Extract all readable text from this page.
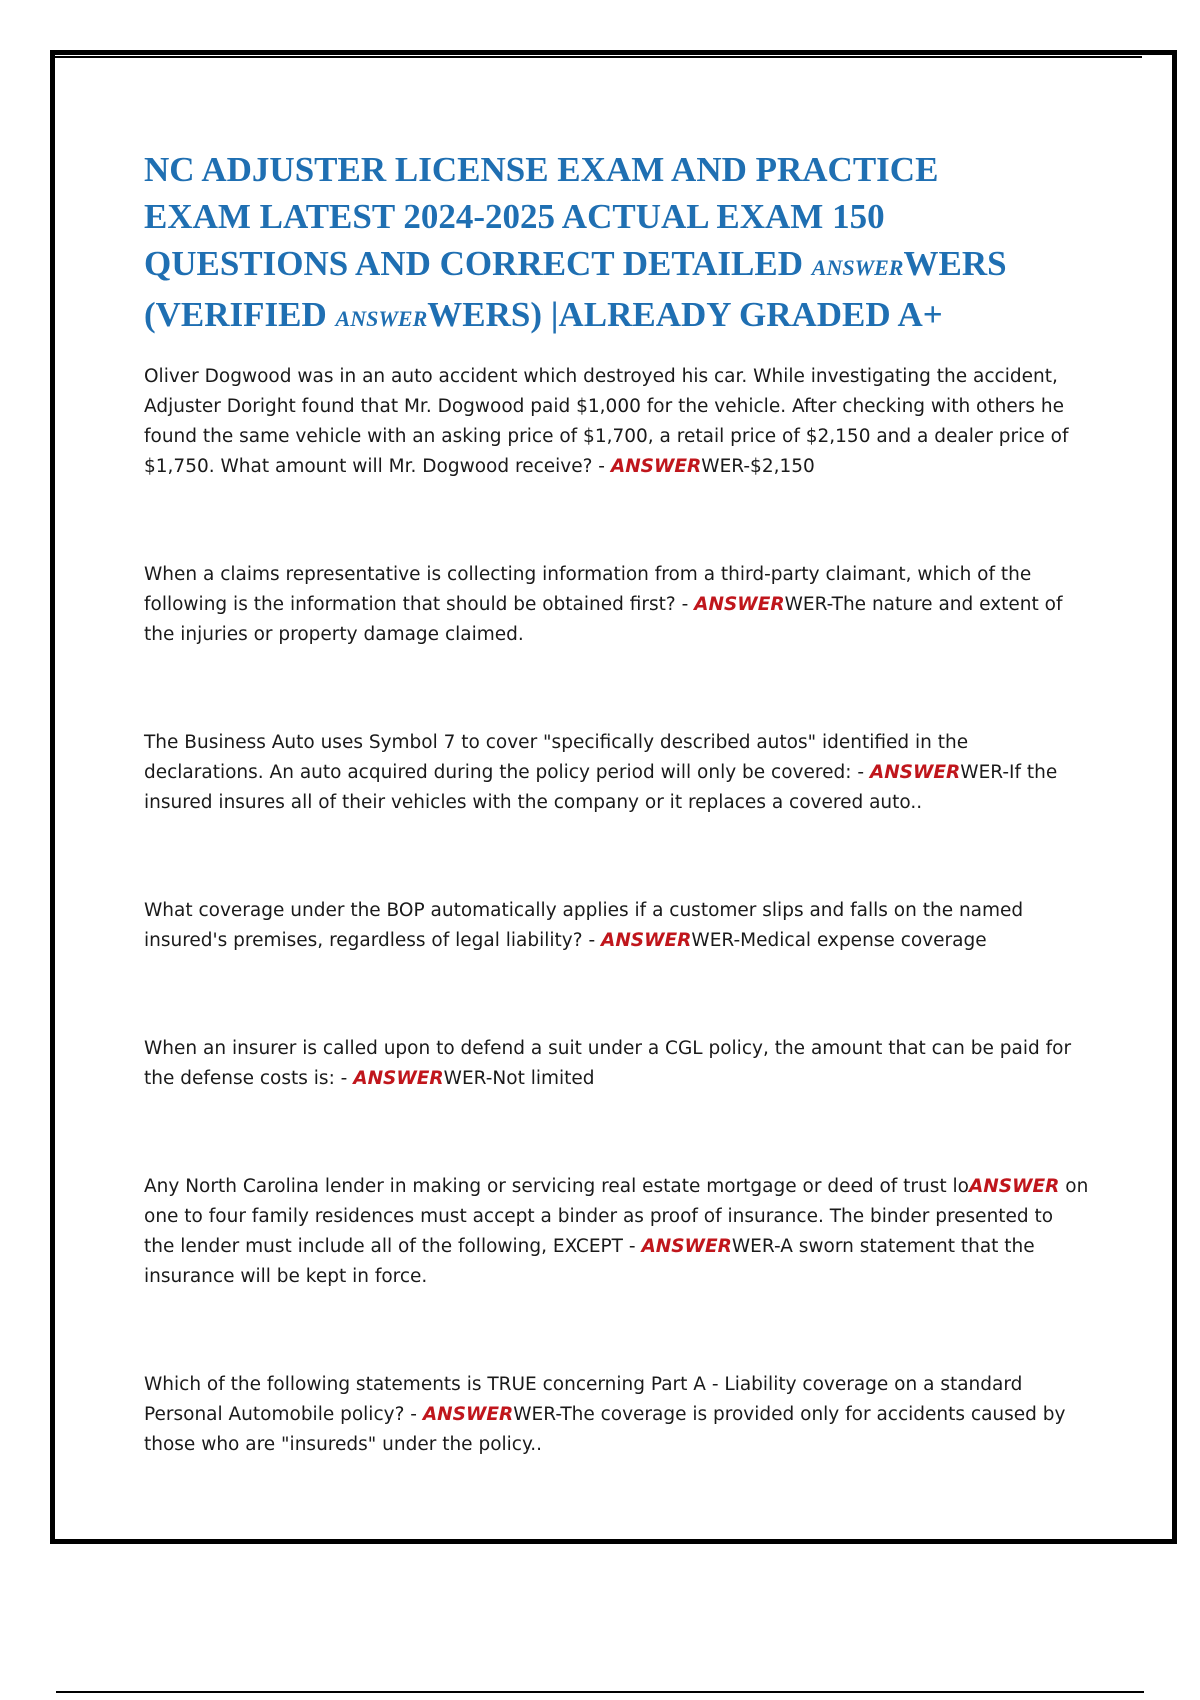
NC ADJUSTER LICENSE EXAM AND PRACTICE
EXAM LATEST 2024-2025 ACTUAL EXAM 150
QUESTIONS AND CORRECT DETAILED ANSWERWERS
(VERIFIED ANSWERWERS) |ALREADY GRADED A+

Oliver Dogwood was in an auto accident which destroyed his car. While investigating the accident, Adjuster Doright found that Mr. Dogwood paid $1,000 for the vehicle. After checking with others he found the same vehicle with an asking price of $1,700, a retail price of $2,150 and a dealer price of $1,750. What amount will Mr. Dogwood receive? - ANSWERWER-$2,150

When a claims representative is collecting information from a third-party claimant, which of the following is the information that should be obtained first? - ANSWERWER-The nature and extent of the injuries or property damage claimed.

The Business Auto uses Symbol 7 to cover "specifically described autos" identified in the declarations. An auto acquired during the policy period will only be covered: - ANSWERWER-If the insured insures all of their vehicles with the company or it replaces a covered auto..

What coverage under the BOP automatically applies if a customer slips and falls on the named insured's premises, regardless of legal liability? - ANSWERWER-Medical expense coverage

When an insurer is called upon to defend a suit under a CGL policy, the amount that can be paid for the defense costs is: - ANSWERWER-Not limited

Any North Carolina lender in making or servicing real estate mortgage or deed of trust loANSWER on one to four family residences must accept a binder as proof of insurance. The binder presented to the lender must include all of the following, EXCEPT - ANSWERWER-A sworn statement that the insurance will be kept in force.

Which of the following statements is TRUE concerning Part A - Liability coverage on a standard Personal Automobile policy? - ANSWERWER-The coverage is provided only for accidents caused by those who are "insureds" under the policy..
